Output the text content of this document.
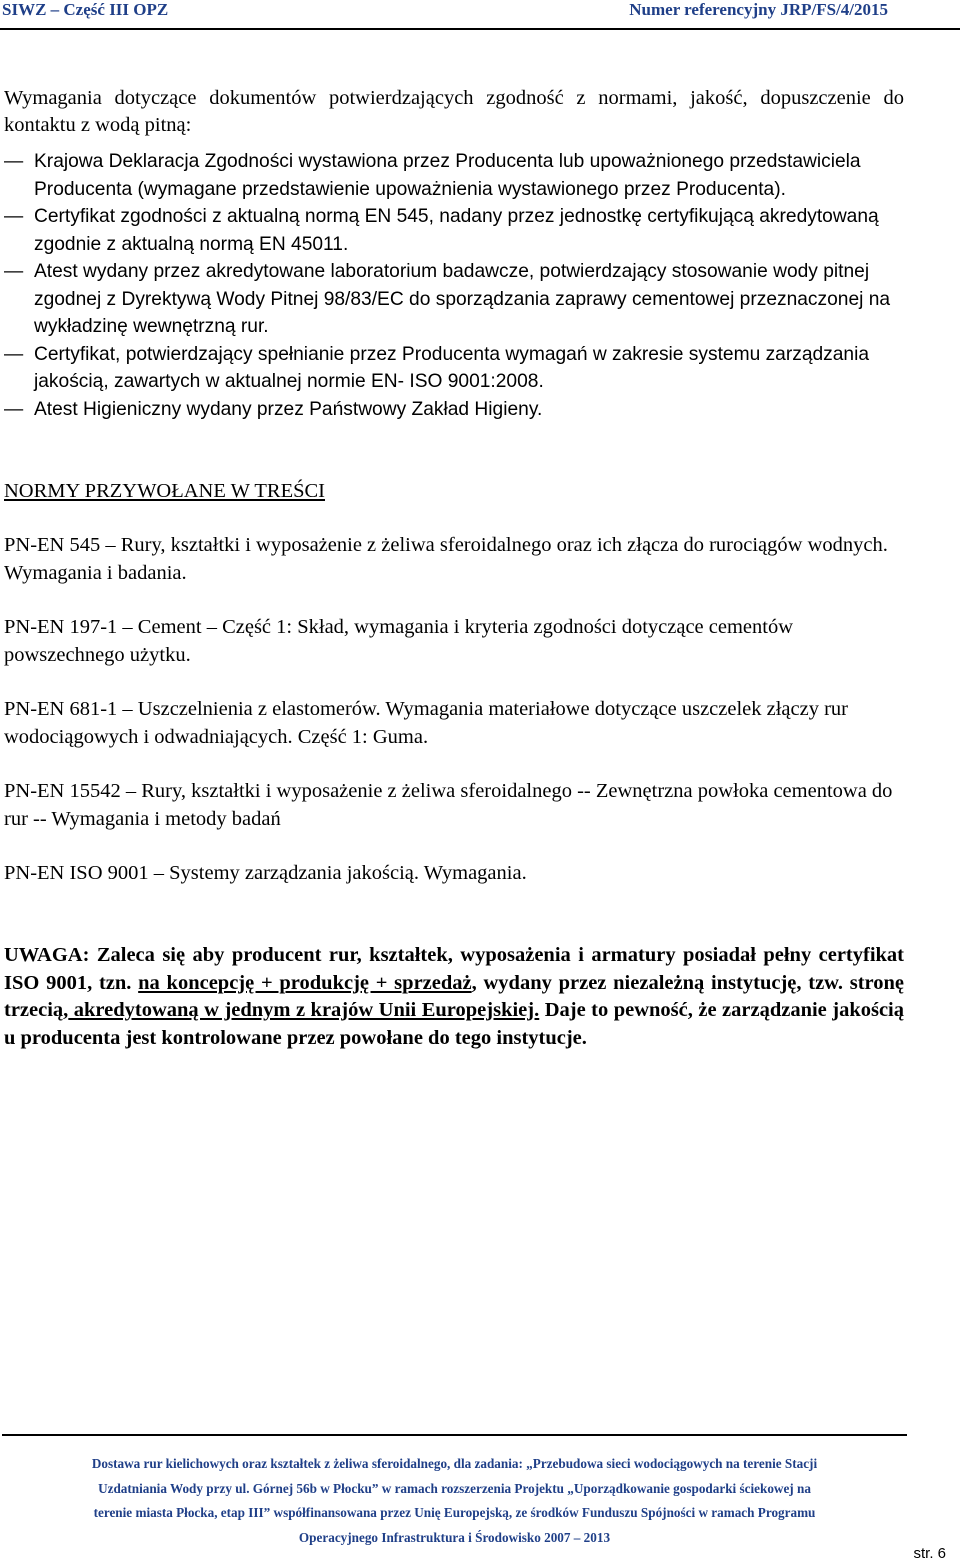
SIWZ – Część III OPZ	Numer referencyjny JRP/FS/4/2015

Wymagania dotyczące dokumentów potwierdzających zgodność z normami, jakość, dopuszczenie do kontaktu z wodą pitną:

— Krajowa Deklaracja Zgodności wystawiona przez Producenta lub upoważnionego przedstawiciela Producenta (wymagane przedstawienie upoważnienia wystawionego przez Producenta).

— Certyfikat zgodności z aktualną normą EN 545, nadany przez jednostkę certyfikującą akredytowaną zgodnie z aktualną normą EN 45011.

— Atest wydany przez akredytowane laboratorium badawcze, potwierdzający stosowanie wody pitnej zgodnej z Dyrektywą Wody Pitnej 98/83/EC do sporządzania zaprawy cementowej przeznaczonej na wykładzinę wewnętrzną rur.

— Certyfikat, potwierdzający spełnianie przez Producenta wymagań w zakresie systemu zarządzania jakością, zawartych w aktualnej normie EN- ISO 9001:2008.

— Atest Higieniczny wydany przez Państwowy Zakład Higieny.

NORMY PRZYWOŁANE W TREŚCI

PN-EN 545 – Rury, kształtki i wyposażenie z żeliwa sferoidalnego oraz ich złącza do rurociągów wodnych. Wymagania i badania.

PN-EN 197-1 – Cement – Część 1: Skład, wymagania i kryteria zgodności dotyczące cementów powszechnego użytku.

PN-EN 681-1 – Uszczelnienia z elastomerów. Wymagania materiałowe dotyczące uszczelek złączy rur wodociągowych i odwadniających. Część 1: Guma.

PN-EN 15542 – Rury, kształtki i wyposażenie z żeliwa sferoidalnego -- Zewnętrzna powłoka cementowa do rur -- Wymagania i metody badań

PN-EN ISO 9001 – Systemy zarządzania jakością. Wymagania.

UWAGA: Zaleca się aby producent rur, kształtek, wyposażenia i armatury posiadał pełny certyfikat ISO 9001, tzn. na koncepcję + produkcję + sprzedaż, wydany przez niezależną instytucję, tzw. stronę trzecią, akredytowaną w jednym z krajów Unii Europejskiej. Daje to pewność, że zarządzanie jakością u producenta jest kontrolowane przez powołane do tego instytucje.

Dostawa rur kielichowych oraz kształtek z żeliwa sferoidalnego, dla zadania: „Przebudowa sieci wodociągowych na terenie Stacji
Uzdatniania Wody przy ul. Górnej 56b w Płocku” w ramach rozszerzenia Projektu „Uporządkowanie gospodarki ściekowej na
terenie miasta Płocka, etap III” współfinansowana przez Unię Europejską, ze środków Funduszu Spójności w ramach Programu
Operacyjnego Infrastruktura i Środowisko 2007 – 2013
str. 6
